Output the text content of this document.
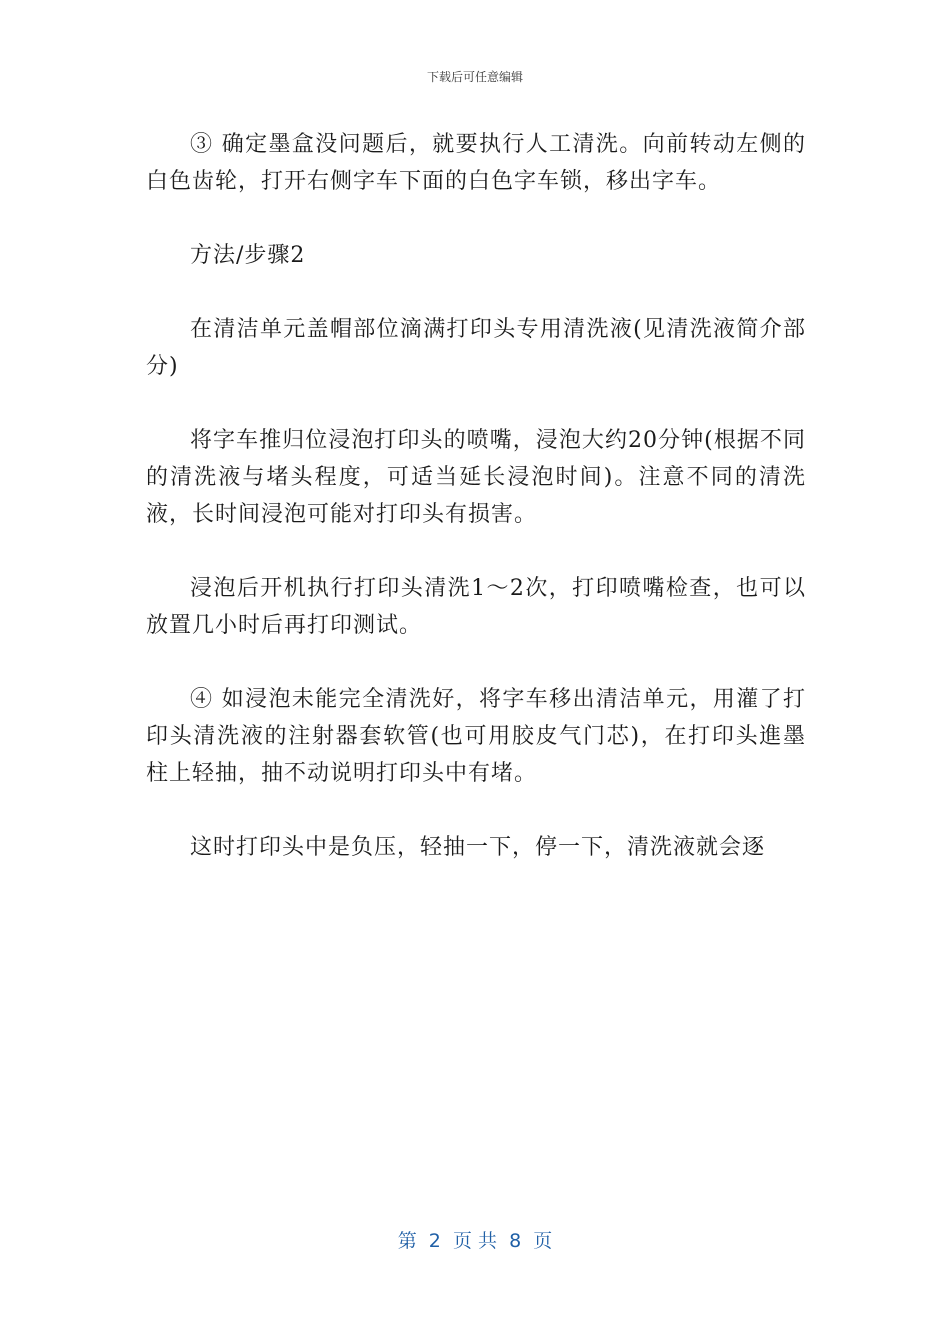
下载后可任意编辑

③ 确定墨盒没问题后，就要执行人工清洗。向前转动左侧的白色齿轮，打开右侧字车下面的白色字车锁，移出字车。

方法/步骤2

在清洁单元盖帽部位滴满打印头专用清洗液(见清洗液简介部分)

将字车推归位浸泡打印头的喷嘴，浸泡大约20分钟(根据不同的清洗液与堵头程度，可适当延长浸泡时间)。注意不同的清洗液，长时间浸泡可能对打印头有损害。

浸泡后开机执行打印头清洗1～2次，打印喷嘴检查，也可以放置几小时后再打印测试。

④ 如浸泡未能完全清洗好，将字车移出清洁单元，用灌了打印头清洗液的注射器套软管(也可用胶皮气门芯)，在打印头進墨柱上轻抽，抽不动说明打印头中有堵。

这时打印头中是负压，轻抽一下，停一下，清洗液就会逐

第  2  页 共  8  页
